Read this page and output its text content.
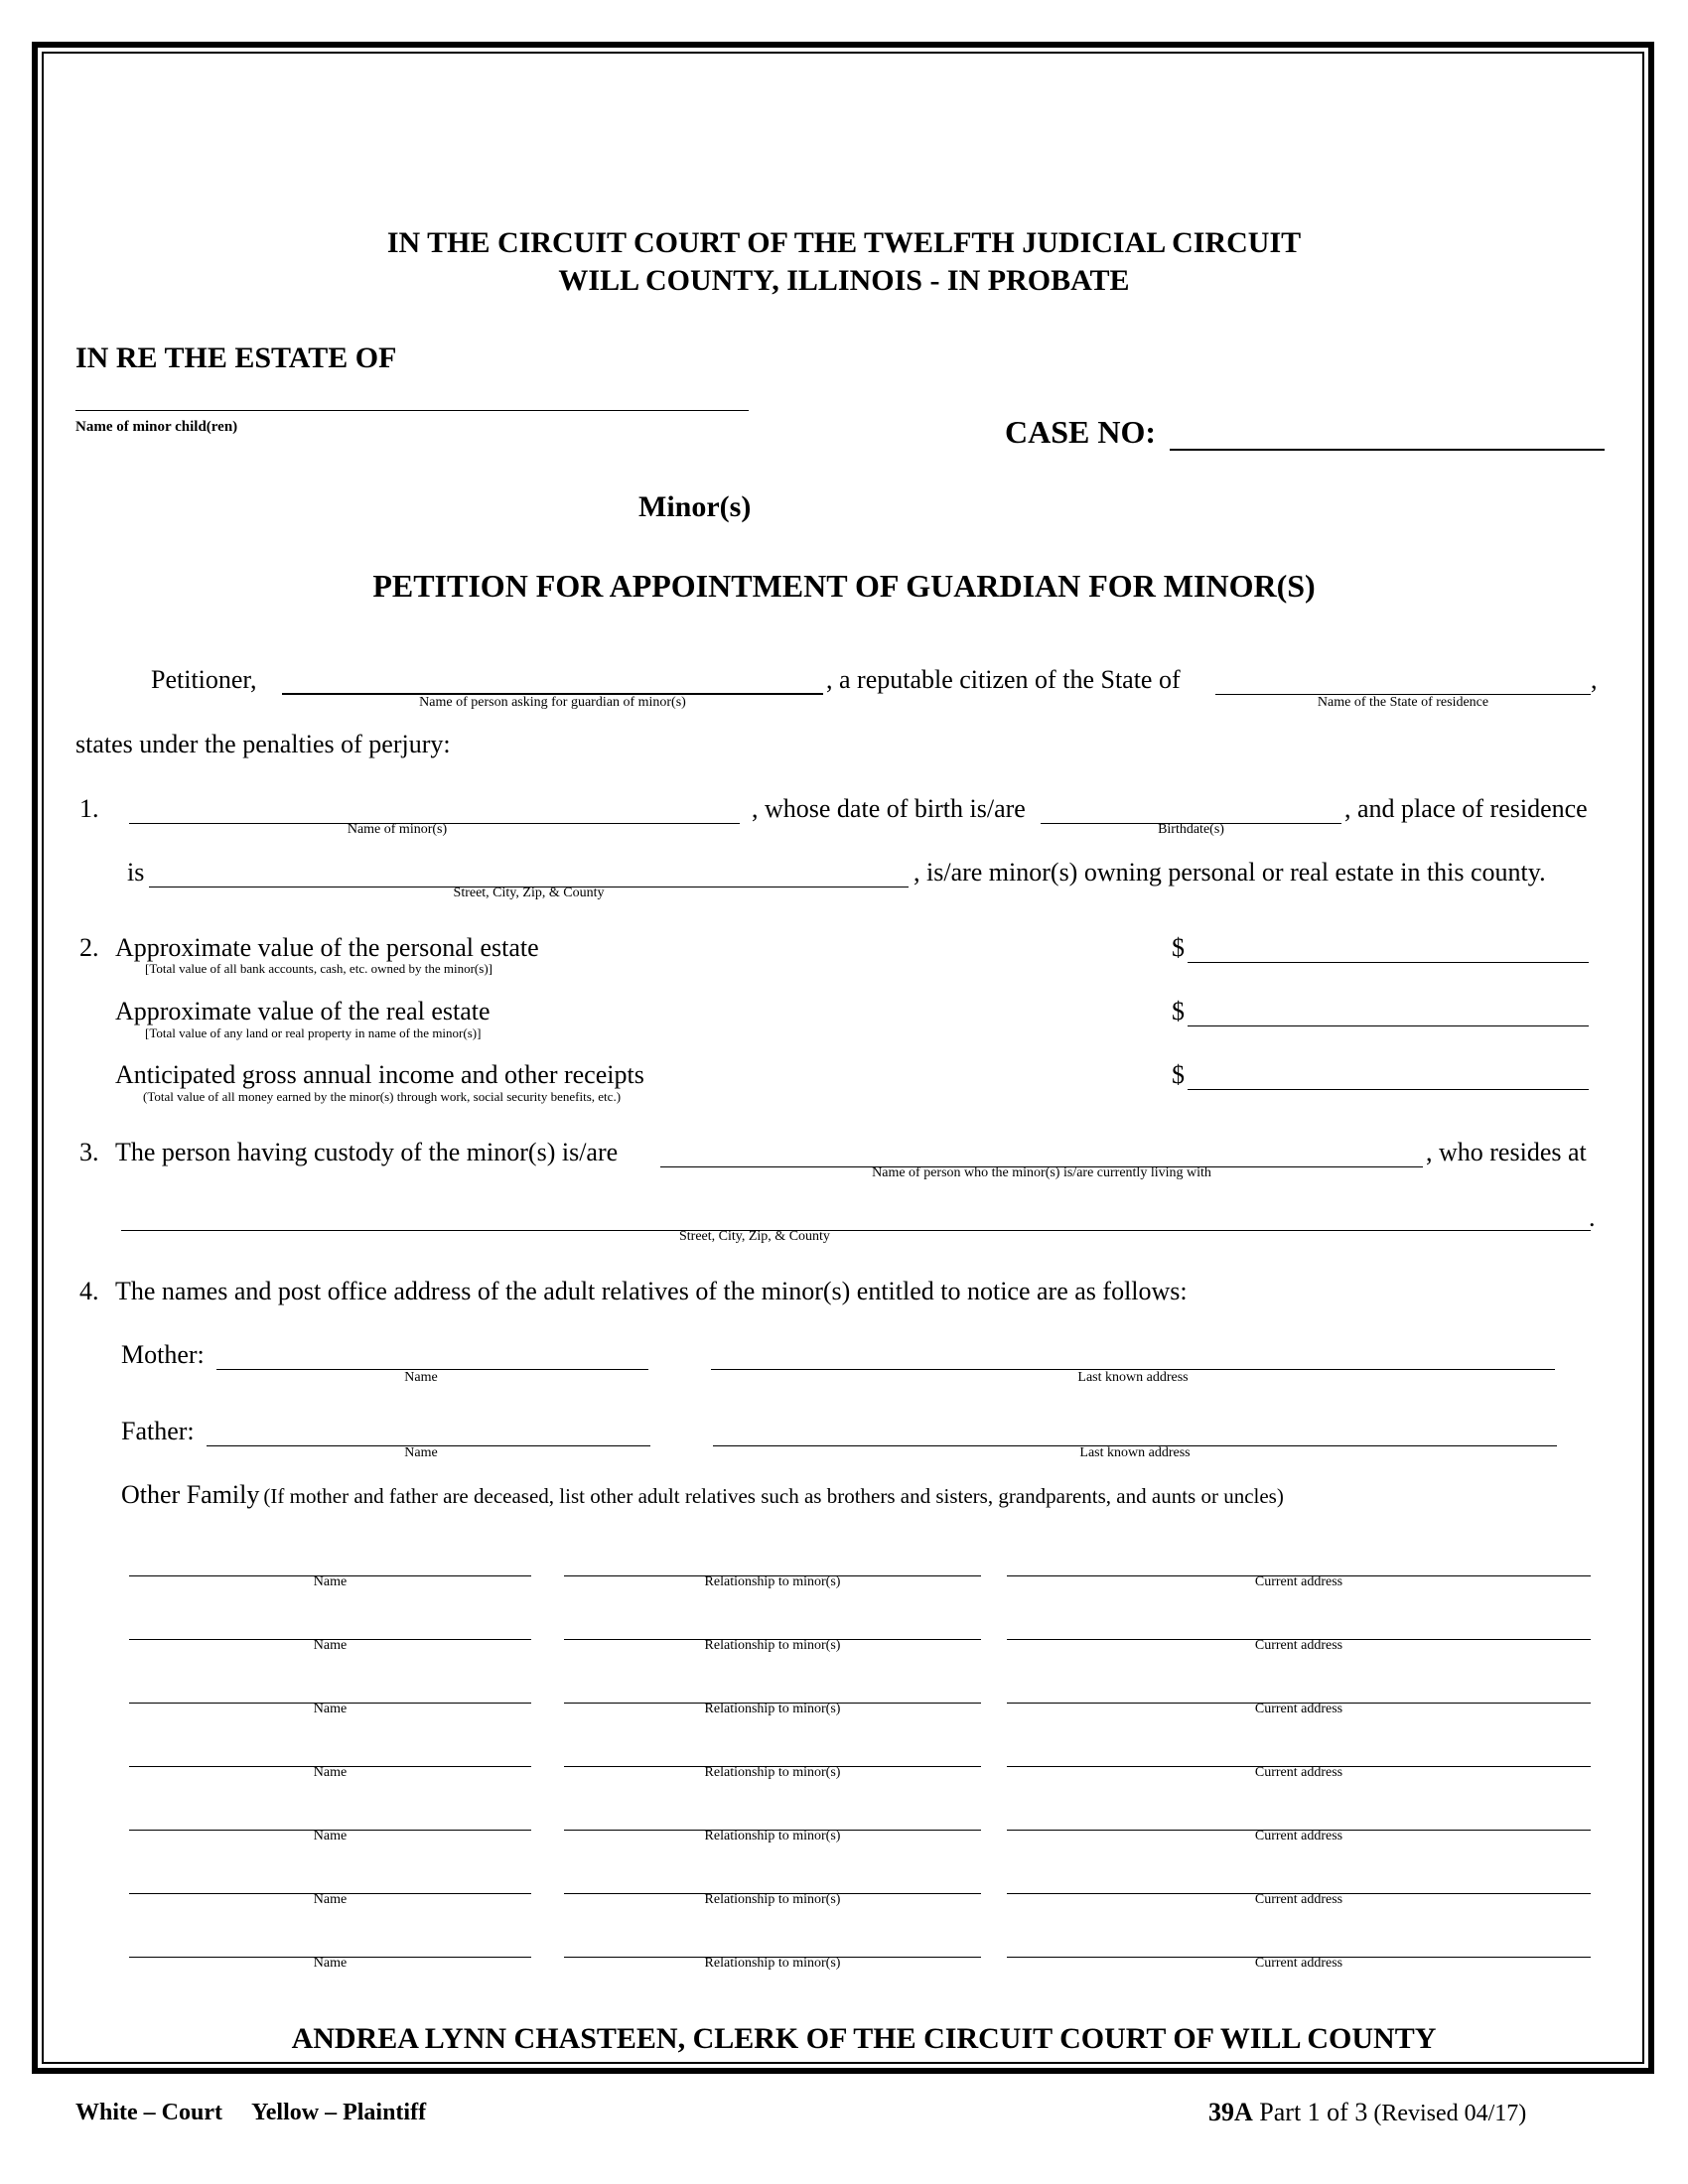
IN THE CIRCUIT COURT OF THE TWELFTH JUDICIAL CIRCUIT
WILL COUNTY, ILLINOIS - IN PROBATE
IN RE THE ESTATE OF
Name of minor child(ren)	CASE NO:
Minor(s)
PETITION FOR APPOINTMENT OF GUARDIAN FOR MINOR(S)
Petitioner,
Name of person asking for guardian of minor(s)
, a reputable citizen of the State of
Name of the State of residence
,
states under the penalties of perjury:
1.
Name of minor(s)
, whose date of birth is/are
Birthdate(s)
, and place of residence
is
Street, City, Zip, & County
, is/are minor(s) owning personal or real estate in this county.
2. Approximate value of the personal estate
[Total value of all bank accounts, cash, etc. owned by the minor(s)]
$
Approximate value of the real estate
[Total value of any land or real property in name of the minor(s)]
$
Anticipated gross annual income and other receipts
(Total value of all money earned by the minor(s) through work, social security benefits, etc.)
$
3. The person having custody of the minor(s) is/are
Name of person who the minor(s) is/are currently living with
, who resides at
.
Street, City, Zip, & County
4. The names and post office address of the adult relatives of the minor(s) entitled to notice are as follows:
Mother:
Name	Last known address
Father:
Name	Last known address
Other Family (If mother and father are deceased, list other adult relatives such as brothers and sisters, grandparents, and aunts or uncles)
Name	Relationship to minor(s)	Current address
Name	Relationship to minor(s)	Current address
Name	Relationship to minor(s)	Current address
Name	Relationship to minor(s)	Current address
Name	Relationship to minor(s)	Current address
Name	Relationship to minor(s)	Current address
Name	Relationship to minor(s)	Current address
ANDREA LYNN CHASTEEN, CLERK OF THE CIRCUIT COURT OF WILL COUNTY
White – Court     Yellow – Plaintiff	39A Part 1 of 3 (Revised 04/17)
